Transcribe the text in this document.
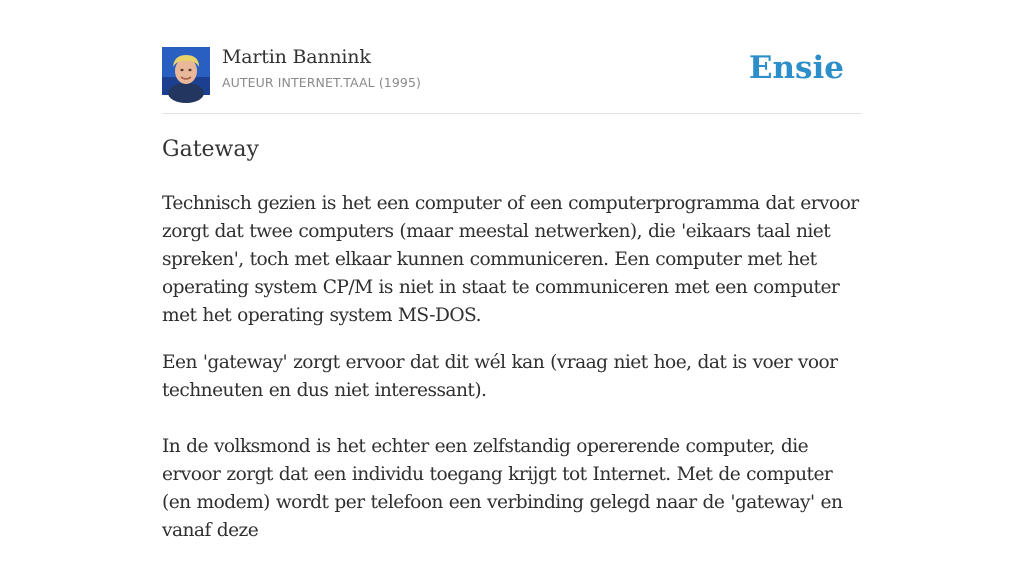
Martin Bannink
AUTEUR INTERNET.TAAL (1995)	Ensie
Gateway

Technisch gezien is het een computer of een computerprogramma dat ervoor zorgt dat twee computers (maar meestal netwerken), die 'eikaars taal niet spreken', toch met elkaar kunnen communiceren. Een computer met het operating system CP/M is niet in staat te communiceren met een computer met het operating system MS-DOS.

Een 'gateway' zorgt ervoor dat dit wél kan (vraag niet hoe, dat is voer voor techneuten en dus niet interessant).

In de volksmond is het echter een zelfstandig opererende computer, die ervoor zorgt dat een individu toegang krijgt tot Internet. Met de computer (en modem) wordt per telefoon een verbinding gelegd naar de 'gateway' en vanaf deze
